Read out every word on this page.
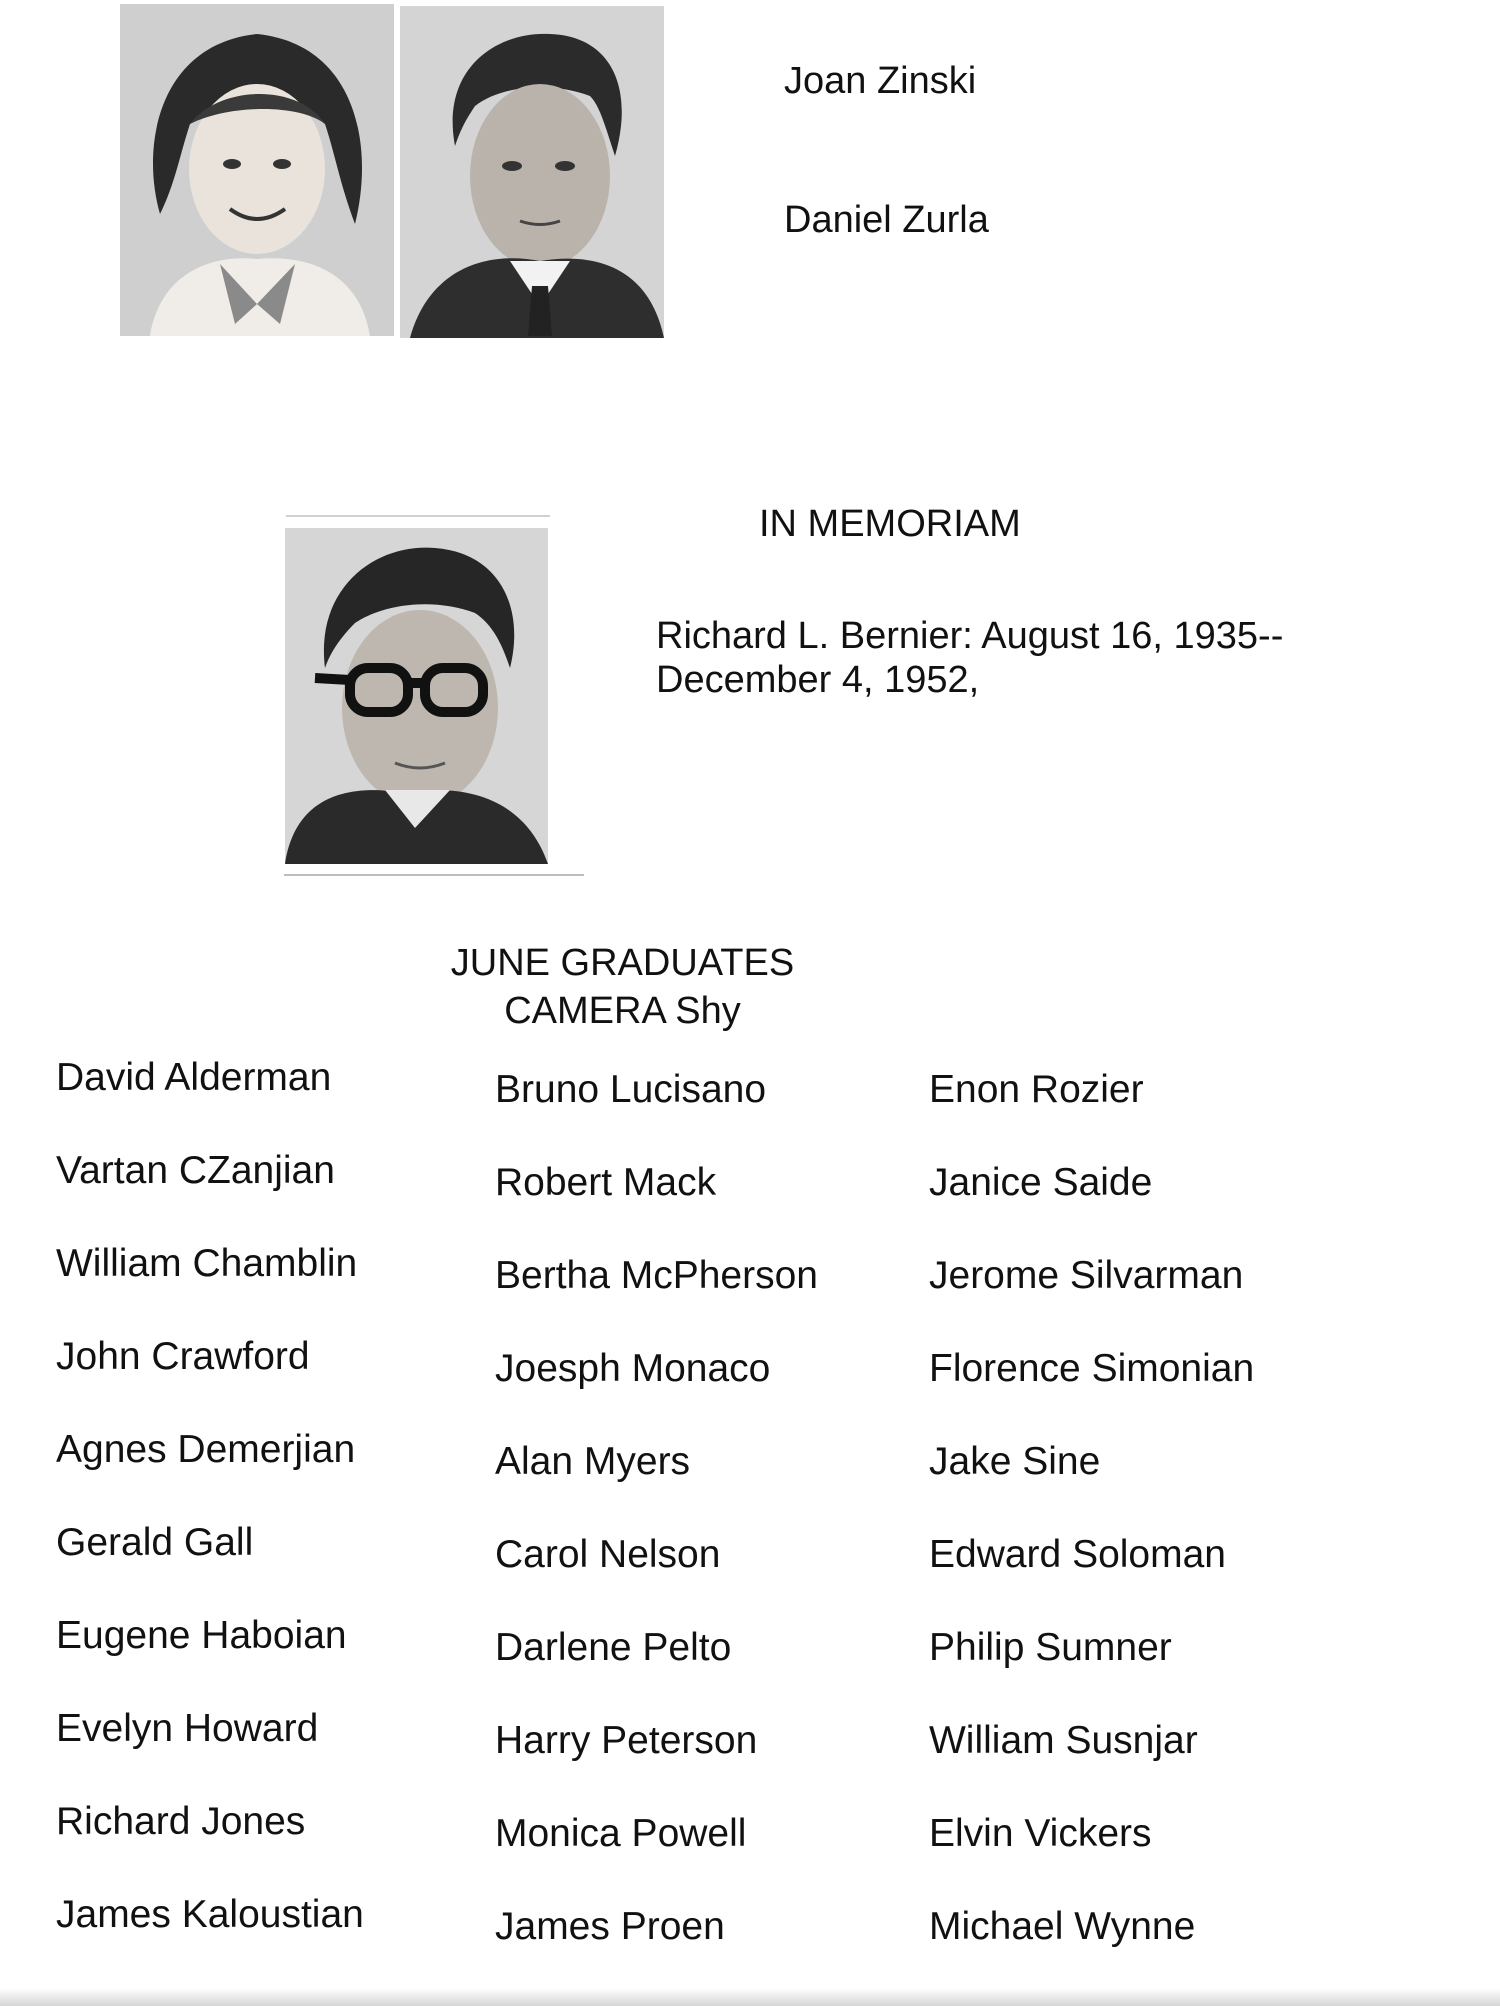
Joan Zinski
Daniel Zurla
IN MEMORIAM
Richard L. Bernier: August 16, 1935--
December 4, 1952,
JUNE GRADUATES
CAMERA Shy
David Alderman
Vartan CZanjian
William Chamblin
John Crawford
Agnes Demerjian
Gerald Gall
Eugene Haboian
Evelyn Howard
Richard Jones
James Kaloustian
Bruno Lucisano
Robert Mack
Bertha McPherson
Joesph Monaco
Alan Myers
Carol Nelson
Darlene Pelto
Harry Peterson
Monica Powell
James Proen
Enon Rozier
Janice Saide
Jerome Silvarman
Florence Simonian
Jake Sine
Edward Soloman
Philip Sumner
William Susnjar
Elvin Vickers
Michael Wynne
